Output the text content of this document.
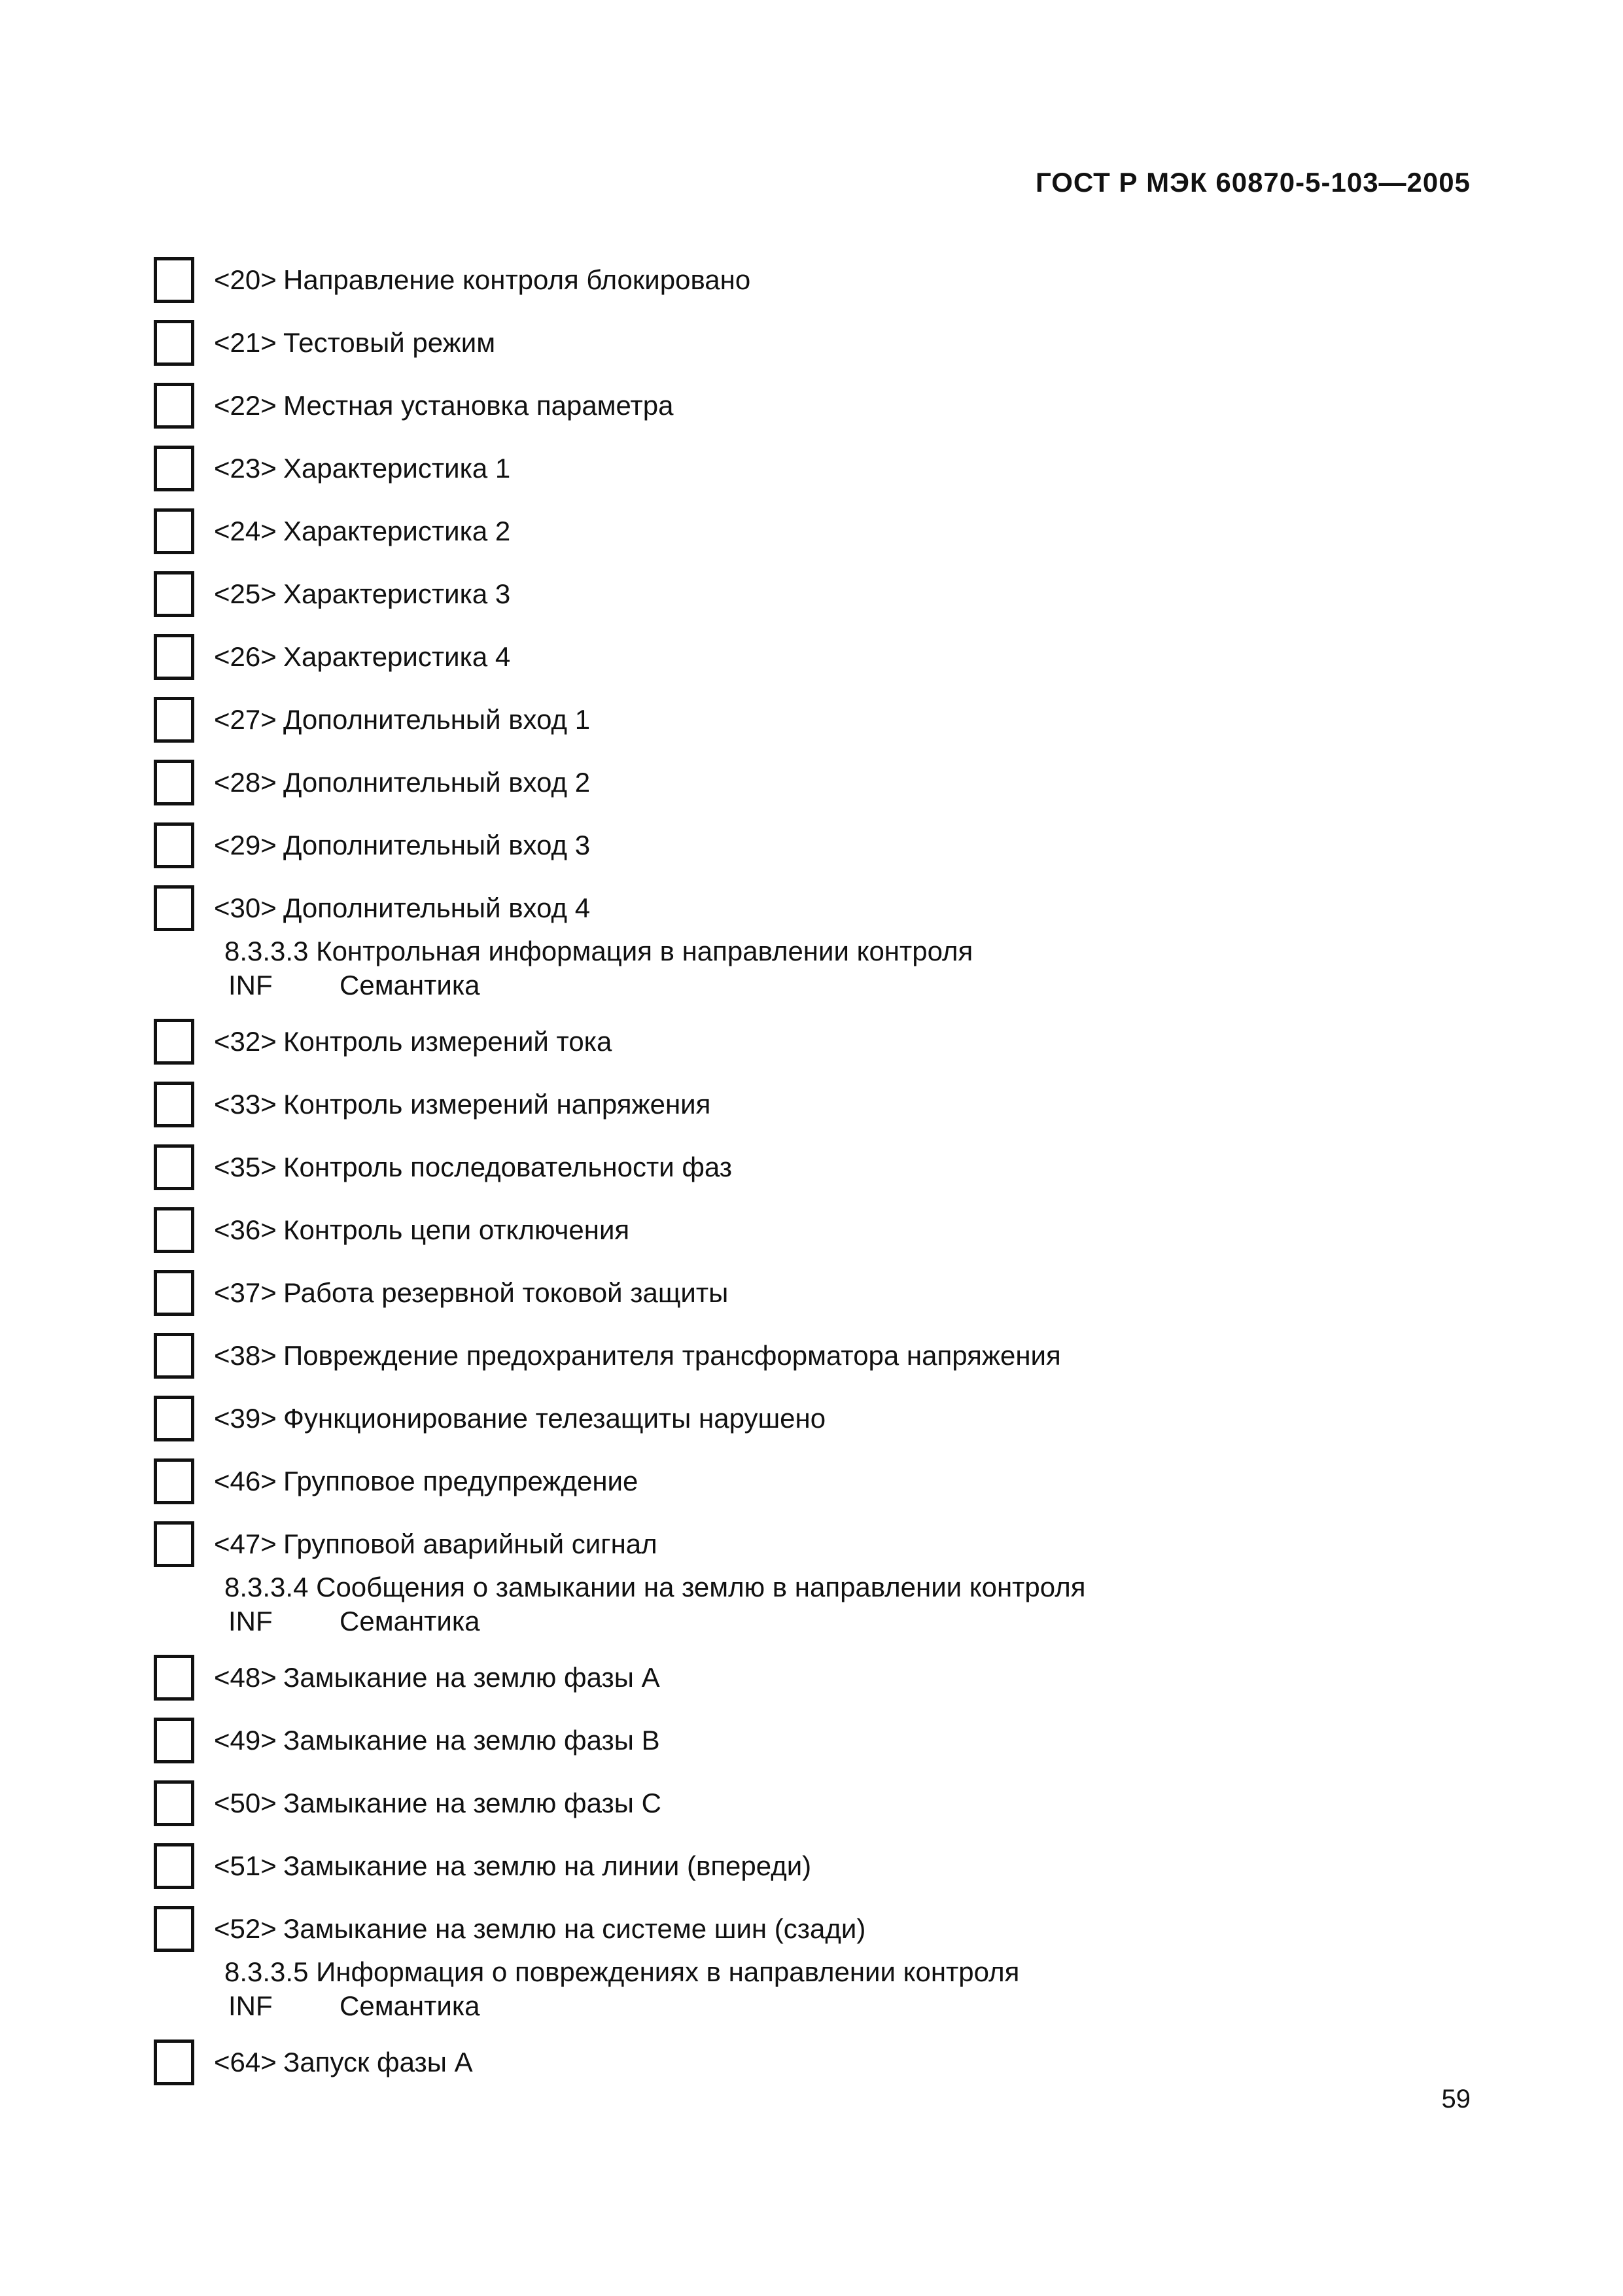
ГОСТ Р МЭК 60870-5-103—2005
<20> Направление контроля блокировано
<21> Тестовый режим
<22> Местная установка параметра
<23> Характеристика 1
<24> Характеристика 2
<25> Характеристика 3
<26> Характеристика 4
<27> Дополнительный вход 1
<28> Дополнительный вход 2
<29> Дополнительный вход 3
<30> Дополнительный вход 4
8.3.3.3 Контрольная информация в направлении контроля
INF Семантика
<32> Контроль измерений тока
<33> Контроль измерений напряжения
<35> Контроль последовательности фаз
<36> Контроль цепи отключения
<37> Работа резервной токовой защиты
<38> Повреждение предохранителя трансформатора напряжения
<39> Функционирование телезащиты нарушено
<46> Групповое предупреждение
<47> Групповой аварийный сигнал
8.3.3.4 Сообщения о замыкании на землю в направлении контроля
INF Семантика
<48> Замыкание на землю фазы A
<49> Замыкание на землю фазы B
<50> Замыкание на землю фазы C
<51> Замыкание на землю на линии (впереди)
<52> Замыкание на землю на системе шин (сзади)
8.3.3.5 Информация о повреждениях в направлении контроля
INF Семантика
<64> Запуск фазы A
59
